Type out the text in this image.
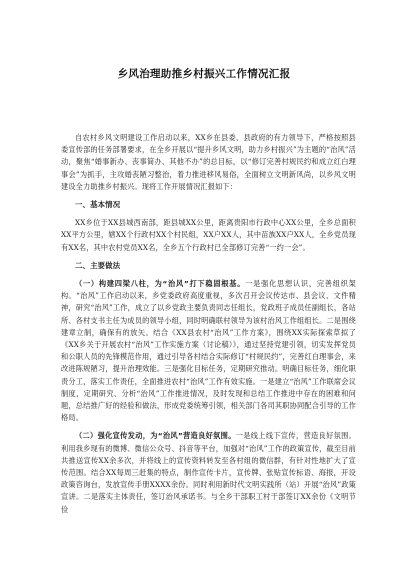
乡风治理助推乡村振兴工作情况汇报

自农村乡风文明建设工作启动以来，XX乡在县委、县政府的有力领导下，严格按照县委宣传部的任务部署要求，在全乡开展以“提升乡风文明，助力乡村振兴”为主题的“治风”活动，聚焦“婚事新办、丧事简办、其他不办”的总目标，以“修订完善村规民约和成立红白理事会”为抓手，主攻婚丧陋习整治，着力推进移风易俗，全面树立文明新风尚，以乡风文明建设全力助推乡村振兴。现将工作开展情况汇报如下：

一、基本情况

XX乡位于XX县城西南部，距县城XX公里，距离贵阳市行政中心XX公里，全乡总面积XX平方公里，辖XX个行政村XX个村民组，XX户XX人，其中苗族XX户XX人，全乡党员现有XX名，其中农村党员XX名，全乡五个行政村已全部修订完善“一约一会”。

二、主要做法

（一）构建四梁八柱，为“治风”打下稳固根基。一是强化思想认识，完善组织架构。“治风”工作启动以来，乡党委政府高度重视，多次召开会议传达市、县会议、文件精神，研究“治风”工作，成立了以乡党政主要负责同志任组长，党政班子成员任副组长，各站所、各村支书主任为成员的领导小组，同时明确联村领导为该村治风工作组组长。二是围绕建章立制，确保有的放矢。结合《XX县农村“治风”工作方案》，围绕XX实际探索草拟了《XX乡关于开展农村“治风”工作实施方案（讨论稿）》，通过坚持党建引领，切实发挥党员和公职人员的先锋模范作用，通过引导各村结合实际修订“村规民约”，完善红白理事会，来改进陈规陋习，提升治理效能。三是强化目标任务，定期研究推动。明确目标任务，细化职责分工，落实工作责任，全面推进农村“治风”工作有效实施。一是建立“治风”工作联席会议制度，定期研究、分析“治风”工作推进情况，及时发现和总结工作推进中存在的困难和问题，总结推广好的经验和做法，形成党委统筹引领，相关部门各司其职协同配合引导的工作格局。

（二）强化宣传发动，为“治风”营造良好氛围。一是线上线下宣传，营造良好氛围。利用我乡现有的微博、微信公众号、抖音等平台，加强对“治风”工作的政策宣传，截至目前共推送宣传XX余多次，并将线上的宣传资料转发至各村组的微信群，有针对性地扩大了宣传范围。结合XX每周三赶集的特点，制作宣传卡片，宣传牌、张贴宣传标语、海报，开设政策咨询台，发放宣传手册XXXX余份。同时利用新时代文明实践所（站）开展“治风”政策宣讲。二是落实主体责任，签订治风承诺书。与全乡干部职工村干部签订XX余份《文明节俭
